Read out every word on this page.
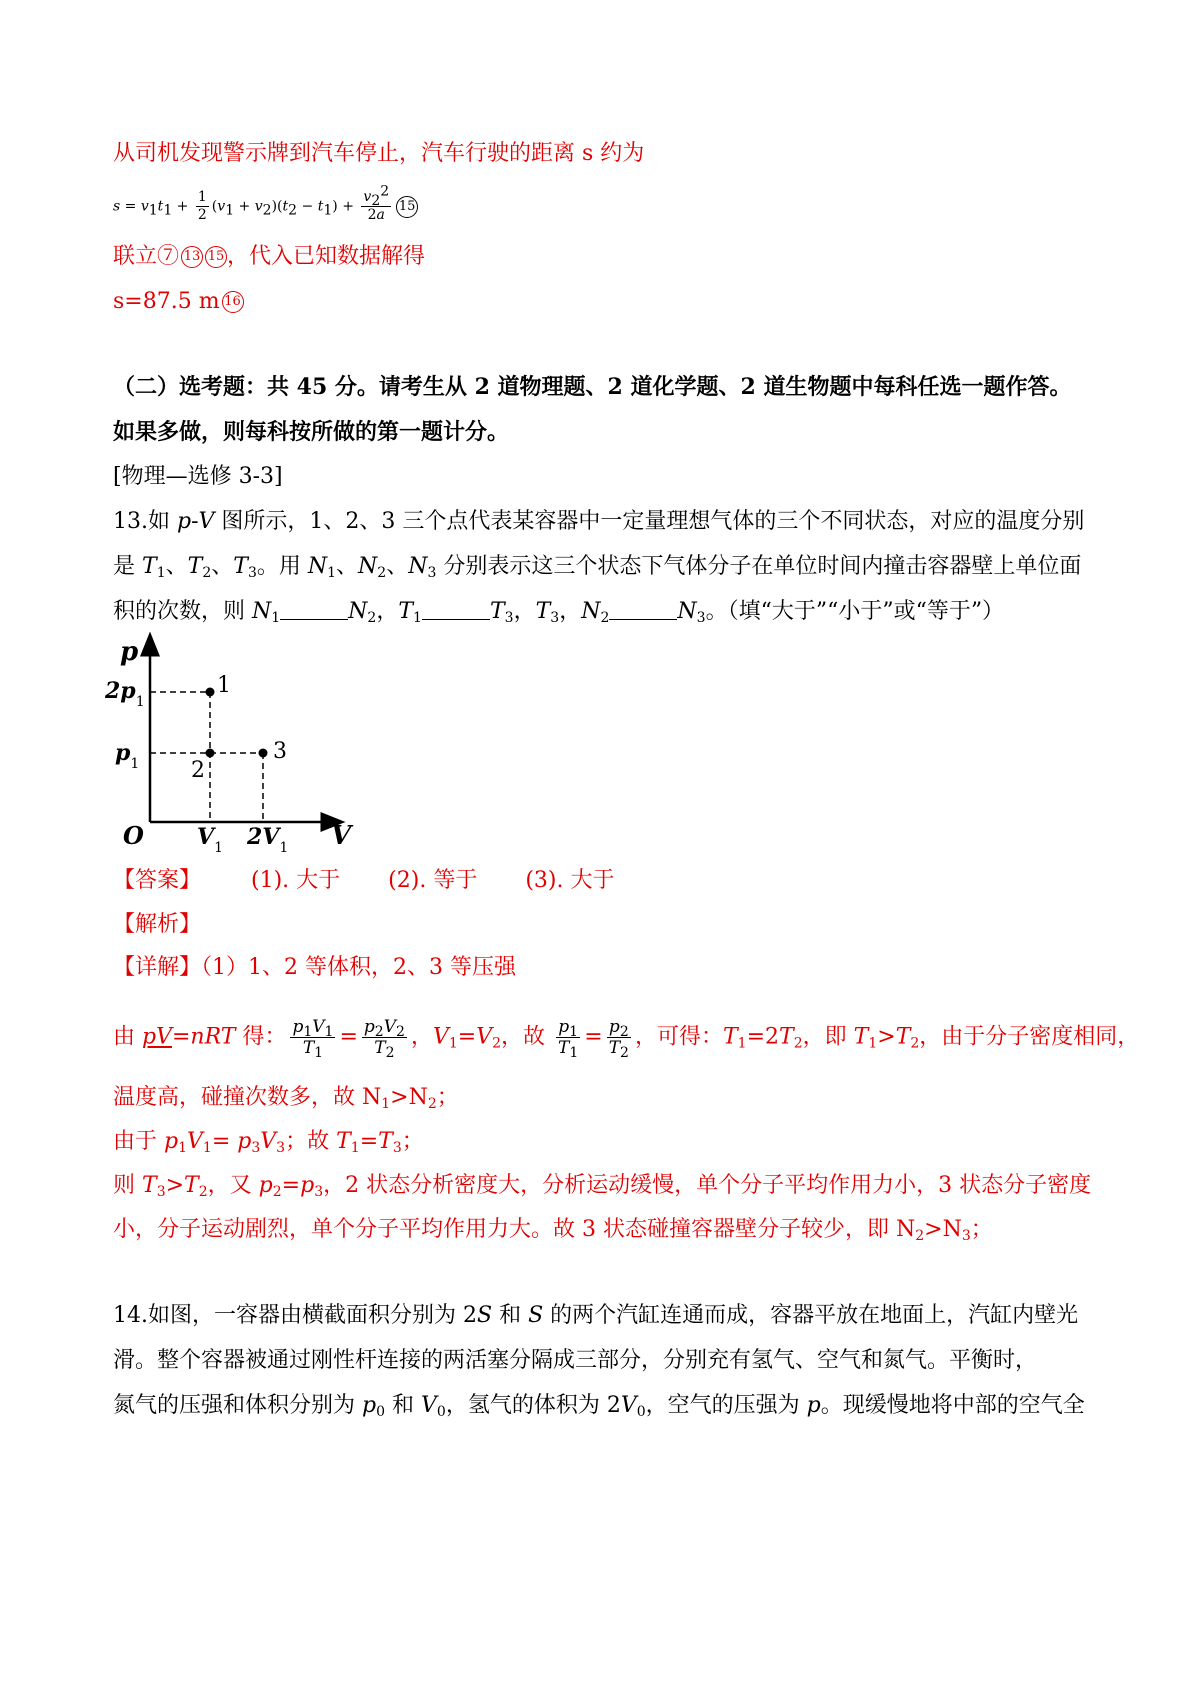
从司机发现警示牌到汽车停止，汽车行驶的距离 s 约为
$s = v_1t_1 + \frac{1}{2} (v_1 + v_2)(t_2 - t_1) + \frac{v_2^2}{2a} 15$
联立⑦ 13 15 ，代入已知数据解得
s=87.5 m 16
（二）选考题：共 45 分。请考生从 2 道物理题、2 道化学题、2 道生物题中每科任选一题作答。
如果多做，则每科按所做的第一题计分。
[物理—选修 3-3]
13.如 p-V 图所示，1、2、3 三个点代表某容器中一定量理想气体的三个不同状态，对应的温度分别
是 $T_1$、$T_2$、$T_3$。用 $N_1$、$N_2$、$N_3$ 分别表示这三个状态下气体分子在单位时间内撞击容器壁上单位面
积的次数，则 $N_1$	$N_2$，$T_1$	$T_3$，$T_3$，$N_2$	$N_3$。（填“大于”“小于”或“等于”）
p
V
O
1
2
3
$2p_1$
$p_1$
$V_1$ $2V_1$
【答案】 (1). 大于 (2). 等于 (3). 大于
【解析】
【详解】（1）1、2 等体积，2、3 等压强
由 pV=nRT 得： $\frac{p_1V_1}{T_1} = \frac{p_2V_2}{T_2}$ ，$V_1=V_2$，故 $\frac{p_1}{T_1} = \frac{p_2}{T_2}$ ，可得：$T_1=2T_2$，即 $T_1>T_2$，由于分子密度相同，
温度高，碰撞次数多，故 $N_1>N_2$；
由于 $p_1V_1= p_3V_3$；故 $T_1=T_3$；
则 $T_3>T_2$，又 $p_2=p_3$，2 状态分析密度大，分析运动缓慢，单个分子平均作用力小，3 状态分子密度
小，分子运动剧烈，单个分子平均作用力大。故 3 状态碰撞容器壁分子较少，即 $N_2>N_3$；
14.如图，一容器由横截面积分别为 2S 和 S 的两个汽缸连通而成，容器平放在地面上，汽缸内壁光
滑。整个容器被通过刚性杆连接的两活塞分隔成三部分，分别充有氢气、空气和氮气。平衡时，
氮气的压强和体积分别为 $p_0$ 和 $V_0$，氢气的体积为 $2V_0$，空气的压强为 p。现缓慢地将中部的空气全
